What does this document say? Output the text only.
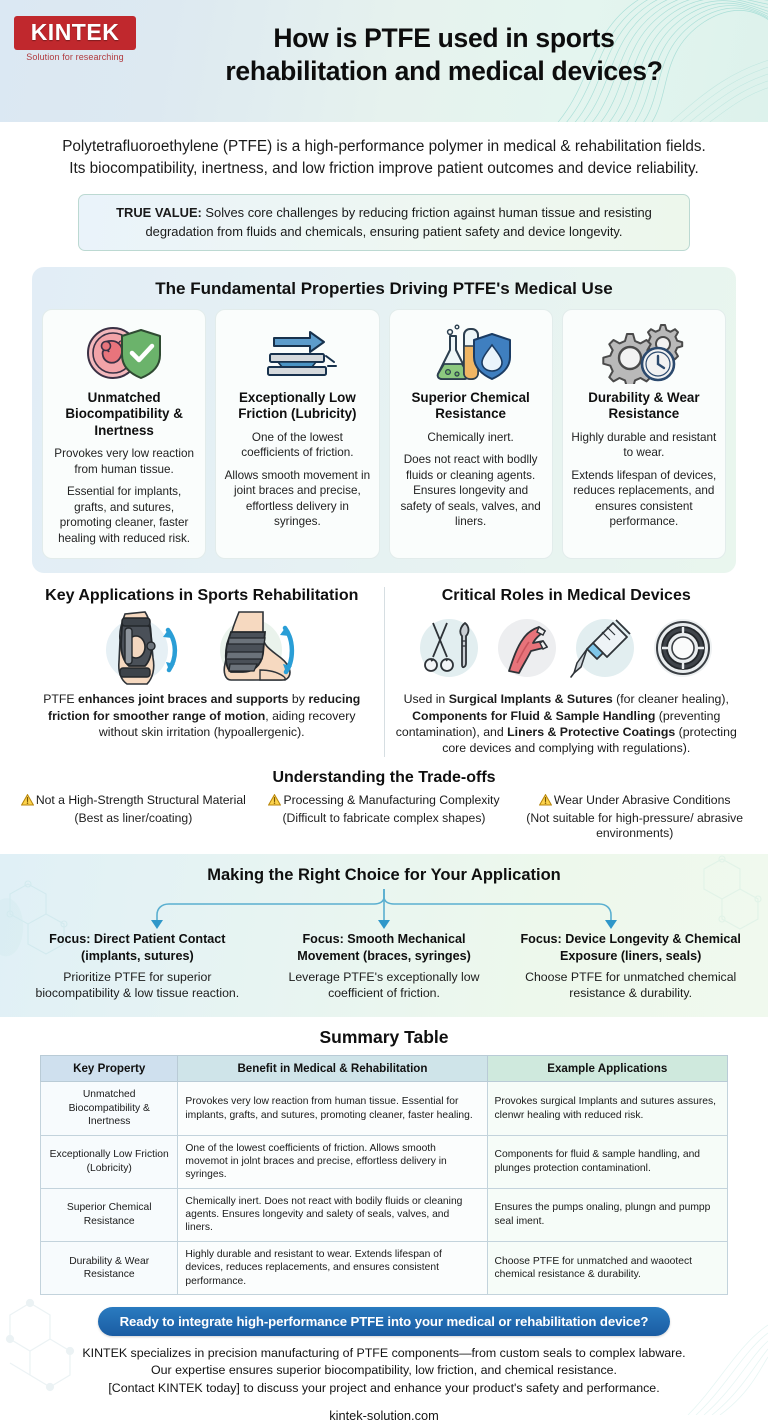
KINTEK
Solution for researching
How is PTFE used in sports
rehabilitation and medical devices?

Polytetrafluoroethylene (PTFE) is a high-performance polymer in medical & rehabilitation fields. Its biocompatibility, inertness, and low friction improve patient outcomes and device reliability.

TRUE VALUE: Solves core challenges by reducing friction against human tissue and resisting degradation from fluids and chemicals, ensuring patient safety and device longevity.
The Fundamental Properties Driving PTFE's Medical Use
Unmatched Biocompatibility & Inertness

Provokes very low reaction from human tissue.

Essential for implants, grafts, and sutures, promoting cleaner, faster healing with reduced risk.

Exceptionally Low Friction (Lubricity)

One of the lowest coefficients of friction.

Allows smooth movement in joint braces and precise, effortless delivery in syringes.

Superior Chemical Resistance

Chemically inert.

Does not react with bodlly fluids or cleaning agents. Ensures longevity and safety of seals, valves, and liners.

Durability & Wear Resistance

Highly durable and resistant to wear.

Extends lifespan of devices, reduces replacements, and ensures consistent performance.

Key Applications in Sports Rehabilitation
PTFE enhances joint braces and supports by reducing friction for smoother range of motion, aiding recovery without skin irritation (hypoallergenic).
Critical Roles in Medical Devices
Used in Surgical Implants & Sutures (for cleaner healing), Components for Fluid & Sample Handling (preventing contamination), and Liners & Protective Coatings (protecting core devices and complying with regulations).
Understanding the Trade-offs
Not a High-Strength Structural Material
(Best as liner/coating)
Processing & Manufacturing Complexity
(Difficult to fabricate complex shapes)
Wear Under Abrasive Conditions
(Not suitable for high-pressure/ abrasive environments)
Making the Right Choice for Your Application
Focus: Direct Patient Contact (implants, sutures)
Prioritize PTFE for superior biocompatibility & low tissue reaction.
Focus: Smooth Mechanical Movement (braces, syringes)
Leverage PTFE's exceptionally low coefficient of friction.
Focus: Device Longevity & Chemical Exposure (liners, seals)
Choose PTFE for unmatched chemical resistance & durability.
Summary Table
Key Property	Benefit in Medical & Rehabilitation	Example Applications
Unmatched Biocompatibility & Inertness	Provokes very low reaction from human tissue. Essential for implants, grafts, and sutures, promoting cleaner, faster healing.	Provokes surgical Implants and sutures assures, clenwr healing with reduced risk.
Exceptionally Low Friction (Lobricity)	One of the lowest coefficients of friction. Allows smooth movemot in jolnt braces and precise, effortless delivery in syringes.	Components for fluid & sample handling, and plunges protection contaminationl.
Superior Chemical Resistance	Chemically inert. Does not react with bodily fluids or cleaning agents. Ensures longevity and salety of seals, valves, and liners.	Ensures the pumps onaling, plungn and pumpp seal iment.
Durability & Wear Resistance	Highly durable and resistant to wear. Extends lifespan of devices, reduces replacements, and ensures consistent performance.	Choose PTFE for unmatched and waootect chemical resistance & durability.
Ready to integrate high-performance PTFE into your medical or rehabilitation device?
KINTEK specializes in precision manufacturing of PTFE components—from custom seals to complex labware.
Our expertise ensures superior biocompatibility, low friction, and chemical resistance.
[Contact KINTEK today] to discuss your project and enhance your product's safety and performance.
kintek-solution.com
